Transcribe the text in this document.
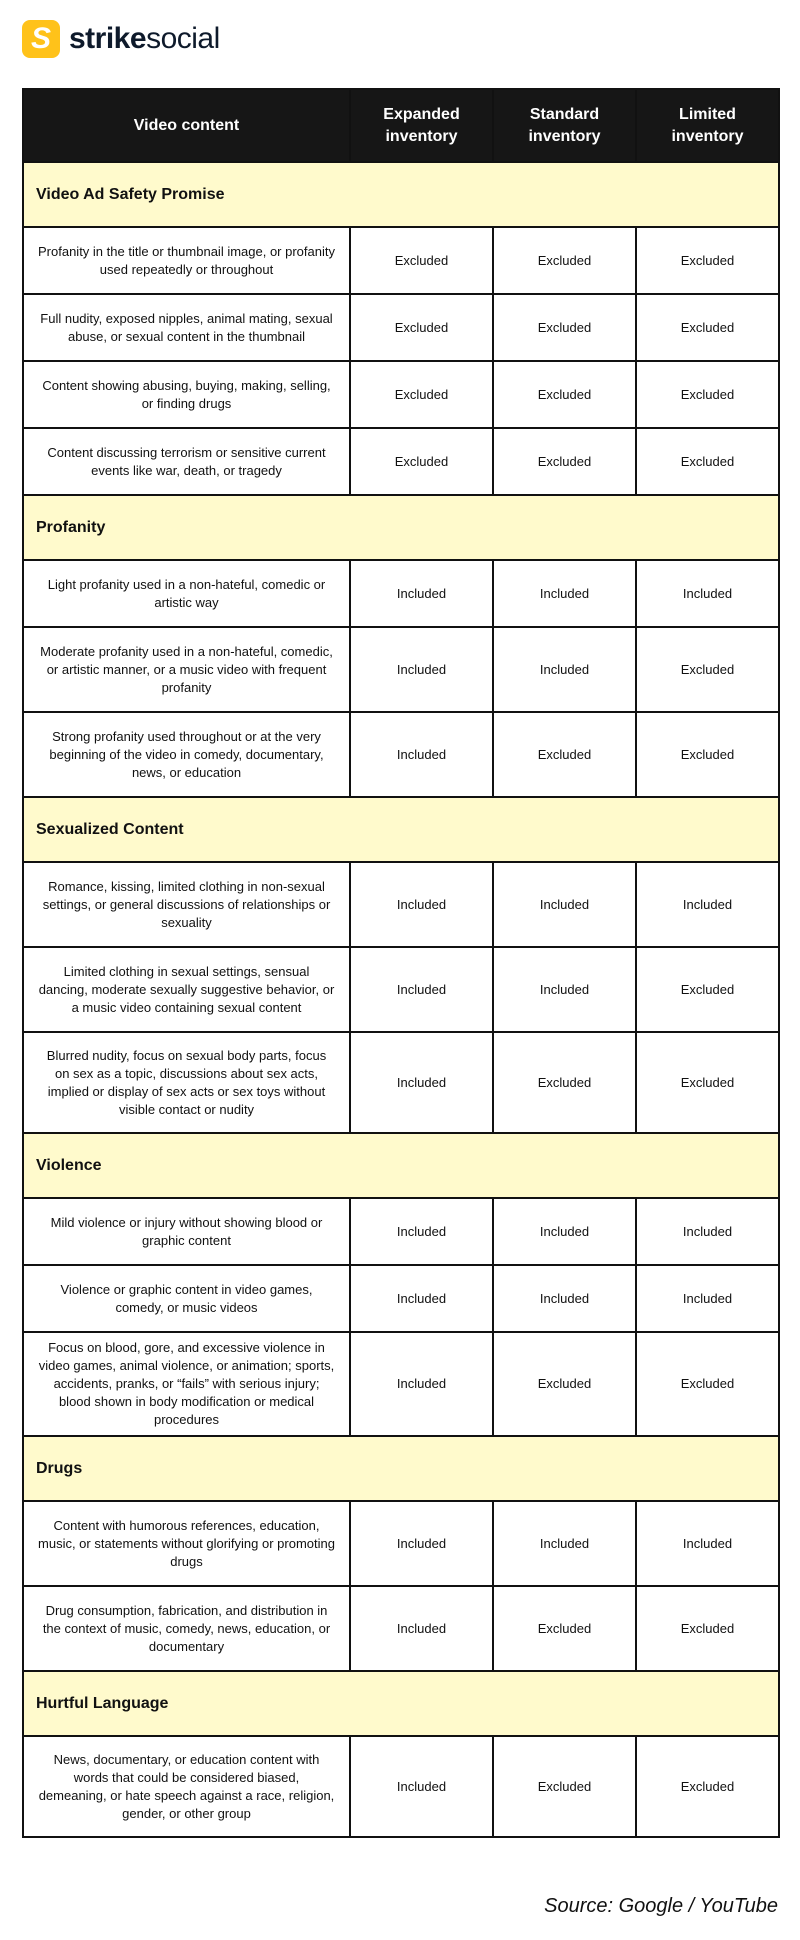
S strikesocial
Video content	Expanded inventory	Standard inventory	Limited inventory
Video Ad Safety Promise			
Profanity in the title or thumbnail image, or profanity used repeatedly or throughout	Excluded	Excluded	Excluded
Full nudity, exposed nipples, animal mating, sexual abuse, or sexual content in the thumbnail	Excluded	Excluded	Excluded
Content showing abusing, buying, making, selling, or finding drugs	Excluded	Excluded	Excluded
Content discussing terrorism or sensitive current events like war, death, or tragedy	Excluded	Excluded	Excluded
Profanity			
Light profanity used in a non-hateful, comedic or artistic way	Included	Included	Included
Moderate profanity used in a non-hateful, comedic, or artistic manner, or a music video with frequent profanity	Included	Included	Excluded
Strong profanity used throughout or at the very beginning of the video in comedy, documentary, news, or education	Included	Excluded	Excluded
Sexualized Content			
Romance, kissing, limited clothing in non-sexual settings, or general discussions of relationships or sexuality	Included	Included	Included
Limited clothing in sexual settings, sensual dancing, moderate sexually suggestive behavior, or a music video containing sexual content	Included	Included	Excluded
Blurred nudity, focus on sexual body parts, focus on sex as a topic, discussions about sex acts, implied or display of sex acts or sex toys without visible contact or nudity	Included	Excluded	Excluded
Violence			
Mild violence or injury without showing blood or graphic content	Included	Included	Included
Violence or graphic content in video games, comedy, or music videos	Included	Included	Included
Focus on blood, gore, and excessive violence in video games, animal violence, or animation; sports, accidents, pranks, or “fails” with serious injury; blood shown in body modification or medical procedures	Included	Excluded	Excluded
Drugs			
Content with humorous references, education, music, or statements without glorifying or promoting drugs	Included	Included	Included
Drug consumption, fabrication, and distribution in the context of music, comedy, news, education, or documentary	Included	Excluded	Excluded
Hurtful Language			
News, documentary, or education content with words that could be considered biased, demeaning, or hate speech against a race, religion, gender, or other group	Included	Excluded	Excluded
Source: Google / YouTube
